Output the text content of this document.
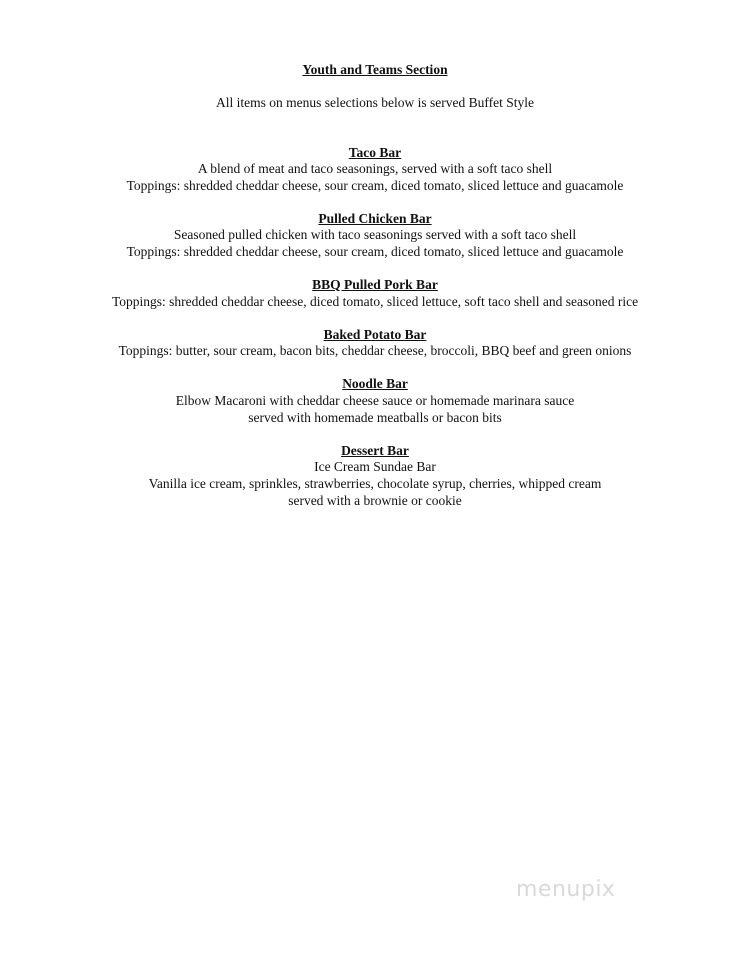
Youth and Teams Section
All items on menus selections below is served Buffet Style
Taco Bar
A blend of meat and taco seasonings, served with a soft taco shell
Toppings: shredded cheddar cheese, sour cream, diced tomato, sliced lettuce and guacamole
Pulled Chicken Bar
Seasoned pulled chicken with taco seasonings served with a soft taco shell
Toppings: shredded cheddar cheese, sour cream, diced tomato, sliced lettuce and guacamole
BBQ Pulled Pork Bar
Toppings: shredded cheddar cheese, diced tomato, sliced lettuce, soft taco shell and seasoned rice
Baked Potato Bar
Toppings: butter, sour cream, bacon bits, cheddar cheese, broccoli, BBQ beef and green onions
Noodle Bar
Elbow Macaroni with cheddar cheese sauce or homemade marinara sauce
served with homemade meatballs or bacon bits
Dessert Bar
Ice Cream Sundae Bar
Vanilla ice cream, sprinkles, strawberries, chocolate syrup, cherries, whipped cream
served with a brownie or cookie
menupix
